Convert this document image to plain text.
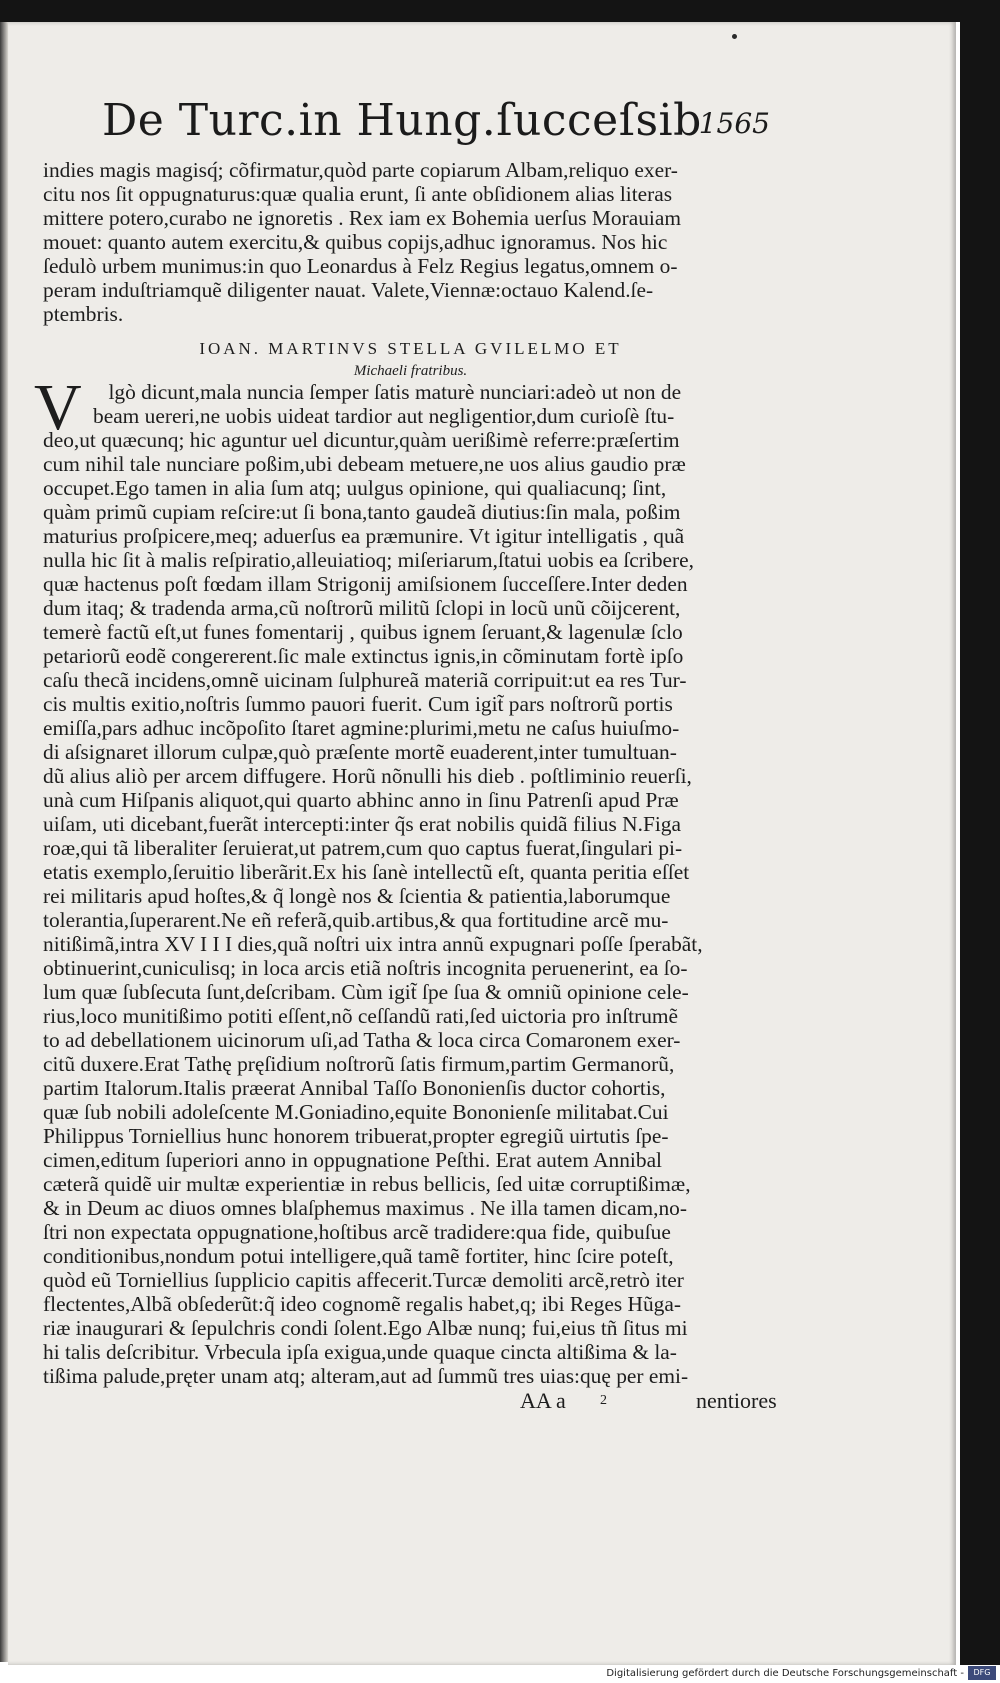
De Turc.in Hung.ſucceſsib
1565
indies magis magisq́; cõfirmatur,quòd parte copiarum Albam,reliquo exer-
citu nos ſit oppugnaturus:quæ qualia erunt, ſi ante obſidionem alias literas
mittere potero,curabo ne ignoretis . Rex iam ex Bohemia uerſus Morauiam
mouet: quanto autem exercitu,& quibus copijs,adhuc ignoramus. Nos hic
ſedulò urbem munimus:in quo Leonardus à Felz Regius legatus,omnem o-
peram induſtriamquẽ diligenter nauat. Valete,Viennæ:octauo Kalend.ſe-
ptembris.
IOAN. MARTINVS STELLA GVILELMO ET
Michaeli fratribus.
V	lgò dicunt,mala nuncia ſemper ſatis maturè nunciari:adeò ut non de
beam uereri,ne uobis uideat tardior aut negligentior,dum curioſè ſtu-
deo,ut quæcunq; hic aguntur uel dicuntur,quàm uerißimè referre:præſertim
cum nihil tale nunciare poßim,ubi debeam metuere,ne uos alius gaudio præ
occupet.Ego tamen in alia ſum atq; uulgus opinione, qui qualiacunq; ſint,
quàm primũ cupiam reſcire:ut ſi bona,tanto gaudeã diutius:ſin mala, poßim
maturius proſpicere,meq; aduerſus ea præmunire. Vt igitur intelligatis , quã
nulla hic ſit à malis reſpiratio,alleuiatioq; miſeriarum,ſtatui uobis ea ſcribere,
quæ hactenus poſt fœdam illam Strigonij amiſsionem ſucceſſere.Inter deden
dum itaq; & tradenda arma,cũ noſtrorũ militũ ſclopi in locũ unũ cõijcerent,
temerè factũ eſt,ut funes fomentarij , quibus ignem ſeruant,& lagenulæ ſclo
petariorũ eodẽ congererent.ſic male extinctus ignis,in cõminutam fortè ipſo
caſu thecã incidens,omnẽ uicinam ſulphureã materiã corripuit:ut ea res Tur-
cis multis exitio,noſtris ſummo pauori fuerit. Cum igit̃ pars noſtrorũ portis
emiſſa,pars adhuc incõpoſito ſtaret agmine:plurimi,metu ne caſus huiuſmo-
di aſsignaret illorum culpæ,quò præſente mortẽ euaderent,inter tumultuan-
dũ alius aliò per arcem diffugere. Horũ nõnulli his dieb . poſtliminio reuerſi,
unà cum Hiſpanis aliquot,qui quarto abhinc anno in ſinu Patrenſi apud Præ
uiſam, uti dicebant,fuerãt intercepti:inter q̃s erat nobilis quidã filius N.Figa
roæ,qui tã liberaliter ſeruierat,ut patrem,cum quo captus fuerat,ſingulari pi-
etatis exemplo,ſeruitio liberãrit.Ex his ſanè intellectũ eſt, quanta peritia eſſet
rei militaris apud hoſtes,& q̃ longè nos & ſcientia & patientia,laborumque
tolerantia,ſuperarent.Ne eñ referã,quib.artibus,& qua fortitudine arcẽ mu-
nitißimã,intra XV I I I dies,quã noſtri uix intra annũ expugnari poſſe ſperabãt,
obtinuerint,cuniculisq; in loca arcis etiã noſtris incognita peruenerint, ea ſo-
lum quæ ſubſecuta ſunt,deſcribam. Cùm igit̃ ſpe ſua & omniũ opinione cele-
rius,loco munitißimo potiti eſſent,nõ ceſſandũ rati,ſed uictoria pro inſtrumẽ
to ad debellationem uicinorum uſi,ad Tatha & loca circa Comaronem exer-
citũ duxere.Erat Tathę pręſidium noſtrorũ ſatis firmum,partim Germanorũ,
partim Italorum.Italis præerat Annibal Taſſo Bononienſis ductor cohortis,
quæ ſub nobili adoleſcente M.Goniadino,equite Bononienſe militabat.Cui
Philippus Torniellius hunc honorem tribuerat,propter egregiũ uirtutis ſpe-
cimen,editum ſuperiori anno in oppugnatione Peſthi. Erat autem Annibal
cæterã quidẽ uir multæ experientiæ in rebus bellicis, ſed uitæ corruptißimæ,
& in Deum ac diuos omnes blaſphemus maximus . Ne illa tamen dicam,no-
ſtri non expectata oppugnatione,hoſtibus arcẽ tradidere:qua fide, quibuſue
conditionibus,nondum potui intelligere,quã tamẽ fortiter, hinc ſcire poteſt,
quòd eũ Torniellius ſupplicio capitis affecerit.Turcæ demoliti arcẽ,retrò iter
flectentes,Albã obſederũt:q̃ ideo cognomẽ regalis habet,q; ibi Reges Hũga-
riæ inaugurari & ſepulchris condi ſolent.Ego Albæ nunq; fui,eius tñ ſitus mi
hi talis deſcribitur. Vrbecula ipſa exigua,unde quaque cincta altißima & la-
tißima palude,pręter unam atq; alteram,aut ad ſummũ tres uias:quę per emi-
AA a 2	nentiores
Digitalisierung gefördert durch die Deutsche Forschungsgemeinschaft -	DFG
